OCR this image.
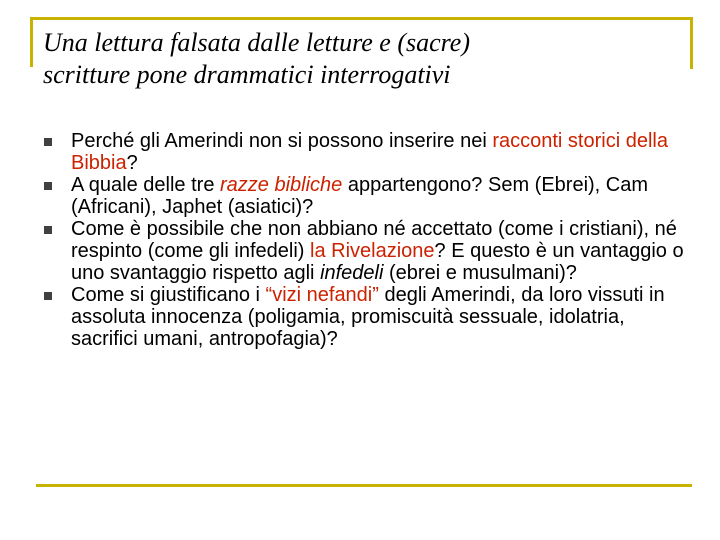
Una lettura falsata dalle letture e (sacre)
scritture pone drammatici interrogativi
Perché gli Amerindi non si possono inserire nei racconti storici della Bibbia?
A quale delle tre razze bibliche appartengono? Sem (Ebrei), Cam (Africani), Japhet (asiatici)?
Come è possibile che non abbiano né accettato (come i cristiani), né respinto (come gli infedeli) la Rivelazione? E questo è un vantaggio o uno svantaggio rispetto agli infedeli (ebrei e musulmani)?
Come si giustificano i “vizi nefandi” degli Amerindi, da loro vissuti in assoluta innocenza (poligamia, promiscuità sessuale, idolatria, sacrifici umani, antropofagia)?
